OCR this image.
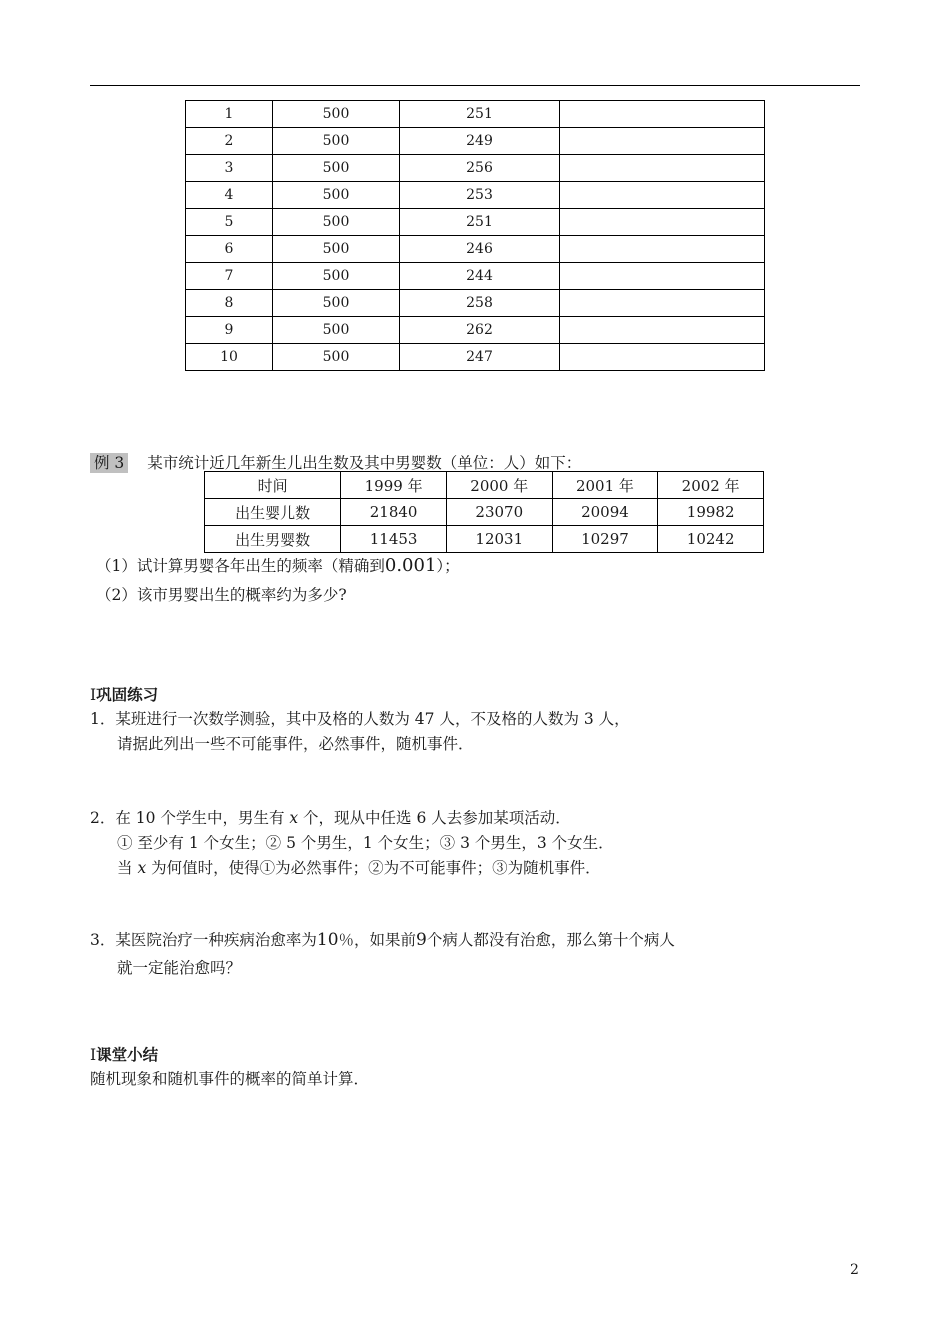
1	500	251	
2	500	249	
3	500	256	
4	500	253	
5	500	251	
6	500	246	
7	500	244	
8	500	258	
9	500	262	
10	500	247	
例 3 某市统计近几年新生儿出生数及其中男婴数（单位：人）如下：
时间	1999 年	2000 年	2001 年	2002 年
出生婴儿数	21840	23070	20094	19982
出生男婴数	11453	12031	10297	10242
（1）试计算男婴各年出生的频率（精确到0.001）；
（2）该市男婴出生的概率约为多少?
Ⅰ巩固练习
1．某班进行一次数学测验，其中及格的人数为 47 人，不及格的人数为 3 人，
请据此列出一些不可能事件，必然事件，随机事件．
2．在 10 个学生中，男生有 x 个，现从中任选 6 人去参加某项活动．
① 至少有 1 个女生；② 5 个男生，1 个女生；③ 3 个男生，3 个女生．
当 x 为何值时，使得①为必然事件；②为不可能事件；③为随机事件．
3．某医院治疗一种疾病治愈率为10％，如果前9个病人都没有治愈，那么第十个病人
就一定能治愈吗？
Ⅰ课堂小结
随机现象和随机事件的概率的简单计算．
2
